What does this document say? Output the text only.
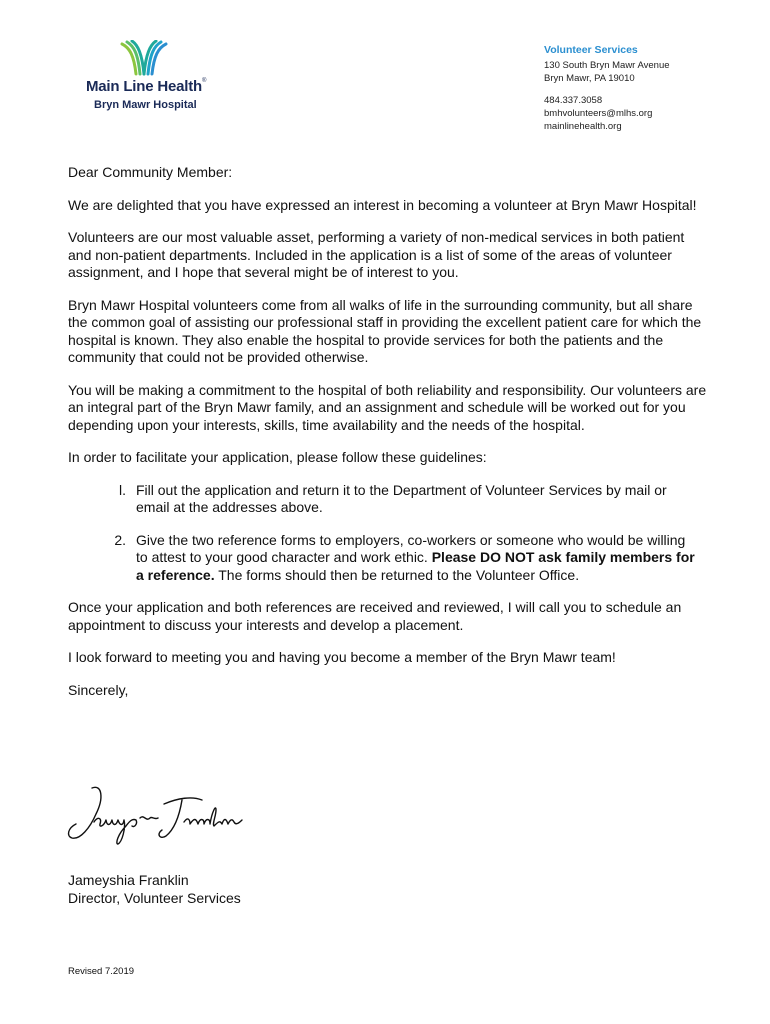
Main Line Health®
Bryn Mawr Hospital
Volunteer Services
130 South Bryn Mawr Avenue
Bryn Mawr, PA 19010
484.337.3058
bmhvolunteers@mlhs.org
mainlinehealth.org

Dear Community Member:

We are delighted that you have expressed an interest in becoming a volunteer at Bryn Mawr Hospital!

Volunteers are our most valuable asset, performing a variety of non-medical services in both patient and non-patient departments. Included in the application is a list of some of the areas of volunteer assignment, and I hope that several might be of interest to you.

Bryn Mawr Hospital volunteers come from all walks of life in the surrounding community, but all share the common goal of assisting our professional staff in providing the excellent patient care for which the hospital is known. They also enable the hospital to provide services for both the patients and the community that could not be provided otherwise.

You will be making a commitment to the hospital of both reliability and responsibility. Our volunteers are an integral part of the Bryn Mawr family, and an assignment and schedule will be worked out for you depending upon your interests, skills, time availability and the needs of the hospital.

In order to facilitate your application, please follow these guidelines:

l. Fill out the application and return it to the Department of Volunteer Services by mail or email at the addresses above.
2. Give the two reference forms to employers, co-workers or someone who would be willing to attest to your good character and work ethic. Please DO NOT ask family members for a reference. The forms should then be returned to the Volunteer Office.

Once your application and both references are received and reviewed, I will call you to schedule an appointment to discuss your interests and develop a placement.

I look forward to meeting you and having you become a member of the Bryn Mawr team!

Sincerely,

Jameyshia Franklin
Director, Volunteer Services
Revised 7.2019
